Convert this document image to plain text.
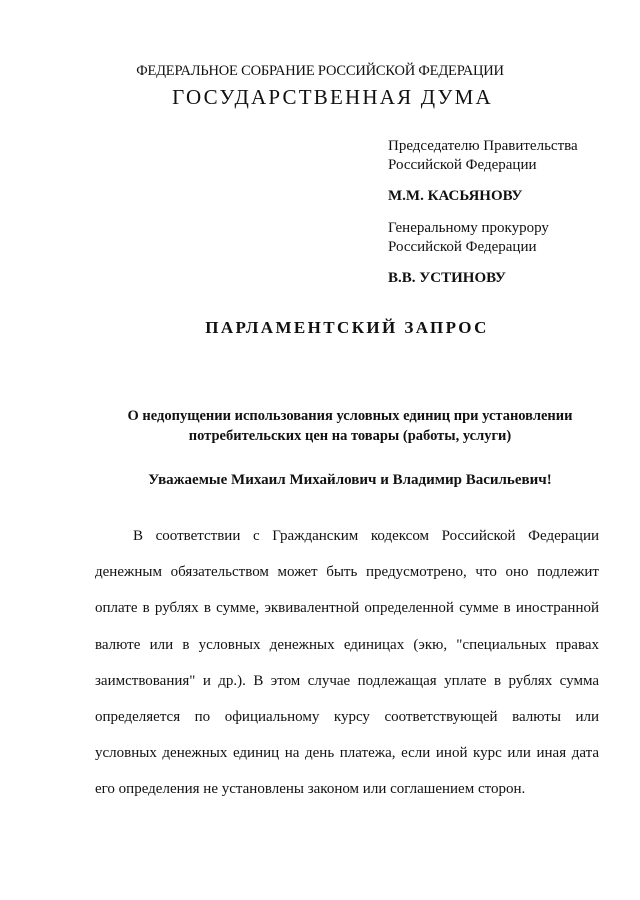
ФЕДЕРАЛЬНОЕ СОБРАНИЕ РОССИЙСКОЙ ФЕДЕРАЦИИ
ГОСУДАРСТВЕННАЯ ДУМА
Председателю Правительства
Российской Федерации
М.М. КАСЬЯНОВУ
Генеральному прокурору
Российской Федерации
В.В. УСТИНОВУ
ПАРЛАМЕНТСКИЙ ЗАПРОС
О недопущении использования условных единиц при установлении
потребительских цен на товары (работы, услуги)
Уважаемые Михаил Михайлович и Владимир Васильевич!
В соответствии с Гражданским кодексом Российской Федерации денежным обязательством может быть предусмотрено, что оно подлежит оплате в рублях в сумме, эквивалентной определенной сумме в иностранной валюте или в условных денежных единицах (экю, "специальных правах заимствования" и др.). В этом случае подлежащая уплате в рублях сумма определяется по официальному курсу соответствующей валюты или условных денежных единиц на день платежа, если иной курс или иная дата его определения не установлены законом или соглашением сторон.
